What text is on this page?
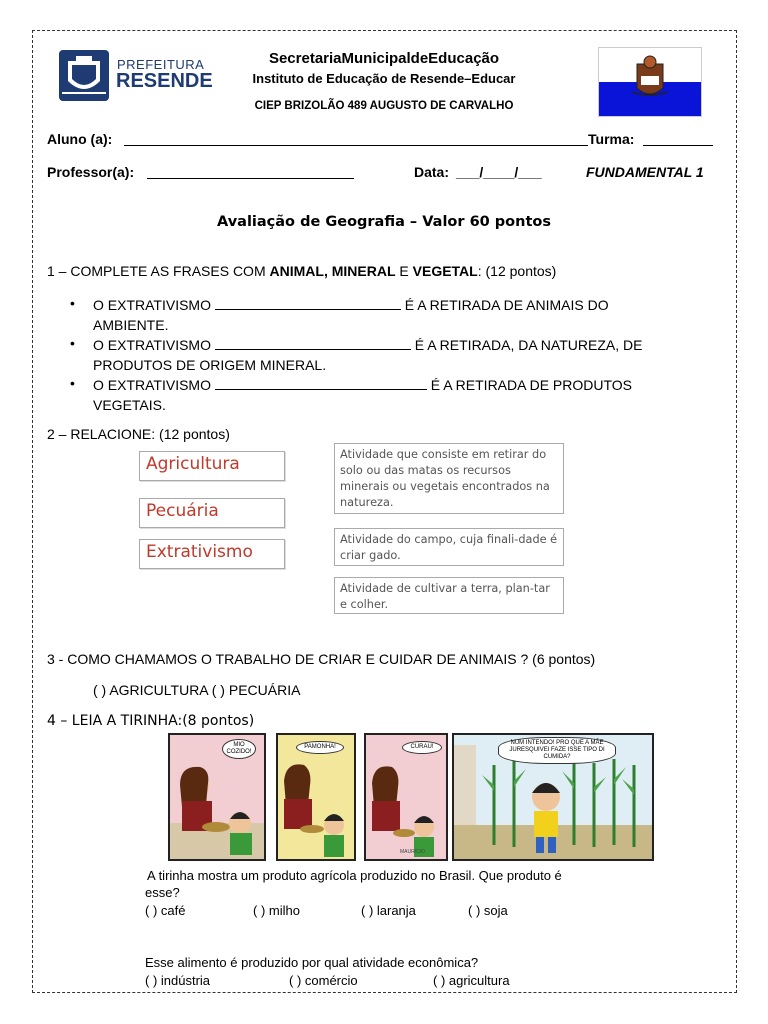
PREFEITURA
RESENDE
SecretariaMunicipaldeEducação
Instituto de Educação de Resende–Educar
CIEP BRIZOLÃO 489 AUGUSTO DE CARVALHO
Aluno (a):	Turma:
Professor(a):	Data: ___/____/___	FUNDAMENTAL 1
Avaliação de Geografia – Valor 60 pontos
1 – COMPLETE AS FRASES COM ANIMAL, MINERAL E VEGETAL: (12 pontos)
• O EXTRATIVISMO	É A RETIRADA DE ANIMAIS DO
AMBIENTE.
• O EXTRATIVISMO	É A RETIRADA, DA NATUREZA, DE
PRODUTOS DE ORIGEM MINERAL.
• O EXTRATIVISMO	É A RETIRADA DE PRODUTOS
VEGETAIS.
2 – RELACIONE: (12 pontos)
Agricultura
Pecuária
Extrativismo
Atividade que consiste em retirar do solo ou das matas os recursos minerais ou vegetais encontrados na natureza.
Atividade do campo, cuja finali-dade é criar gado.
Atividade de cultivar a terra, plan-tar e colher.
3 - COMO CHAMAMOS O TRABALHO DE CRIAR E CUIDAR DE ANIMAIS ? (6 pontos)
( ) AGRICULTURA ( ) PECUÁRIA
4 – LEIA A TIRINHA:(8 pontos)
MIO COZIDO!
PAMONHA!	CURAU!
MAURICIO
NUM INTENDO! PRO QUE A MÃE JURESQUIVEI FAZE ISSE TIPO DI CUMIDA?
A tirinha mostra um produto agrícola produzido no Brasil. Que produto é
esse?
( ) café	( ) milho	( ) laranja	( ) soja
Esse alimento é produzido por qual atividade econômica?
( ) indústria	( ) comércio	( ) agricultura
